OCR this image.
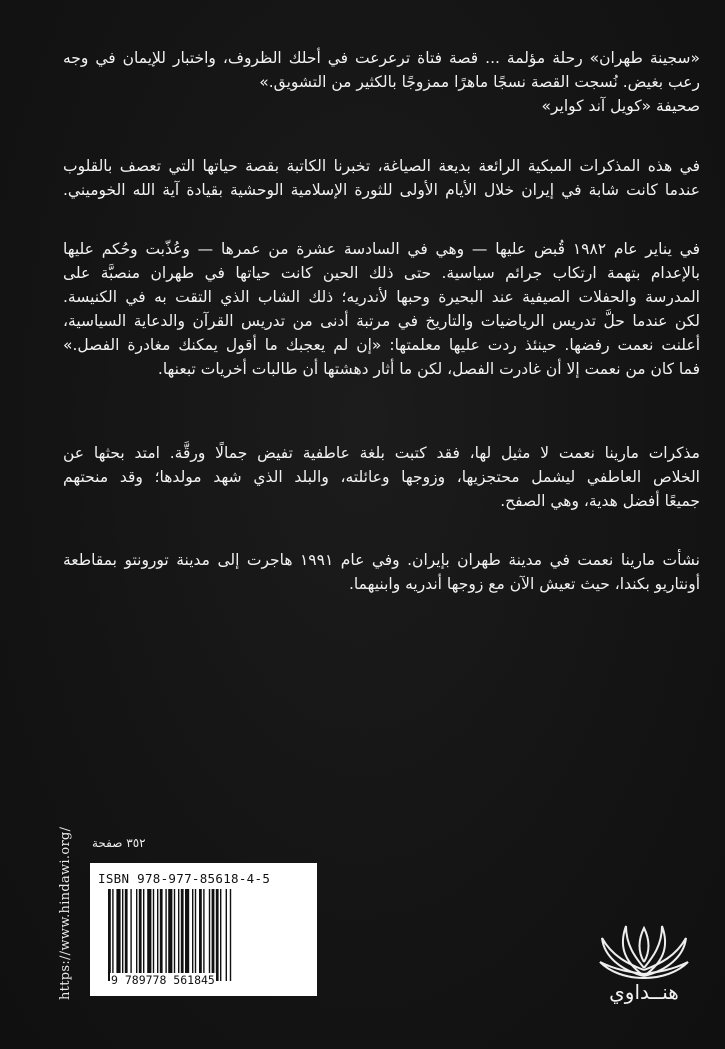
«سجينة طهران» رحلة مؤلمة ... قصة فتاة ترعرعت في أحلك الظروف، واختبار للإيمان في وجه
رعب بغيض. نُسجت القصة نسجًا ماهرًا ممزوجًا بالكثير من التشويق.»
صحيفة «كويل آند كواير»
في هذه المذكرات المبكية الرائعة بديعة الصياغة، تخبرنا الكاتبة بقصة حياتها التي تعصف بالقلوب
عندما كانت شابة في إيران خلال الأيام الأولى للثورة الإسلامية الوحشية بقيادة آية الله الخوميني.
في يناير عام ١٩٨٢ قُبض عليها — وهي في السادسة عشرة من عمرها — وعُذّبت وحُكم عليها
بالإعدام بتهمة ارتكاب جرائم سياسية. حتى ذلك الحين كانت حياتها في طهران منصبَّة على
المدرسة والحفلات الصيفية عند البحيرة وحبها لأندريه؛ ذلك الشاب الذي التقت به في الكنيسة.
لكن عندما حلَّ تدريس الرياضيات والتاريخ في مرتبة أدنى من تدريس القرآن والدعاية السياسية،
أعلنت نعمت رفضها. حينئذ ردت عليها معلمتها: «إن لم يعجبك ما أقول يمكنك مغادرة الفصل.»
فما كان من نعمت إلا أن غادرت الفصل، لكن ما أثار دهشتها أن طالبات أخريات تبعنها.
مذكرات مارينا نعمت لا مثيل لها، فقد كتبت بلغة عاطفية تفيض جمالًا ورقَّة. امتد بحثها عن
الخلاص العاطفي ليشمل محتجزيها، وزوجها وعائلته، والبلد الذي شهد مولدها؛ وقد منحتهم
جميعًا أفضل هدية، وهي الصفح.
نشأت مارينا نعمت في مدينة طهران بإيران. وفي عام ١٩٩١ هاجرت إلى مدينة تورونتو بمقاطعة
أونتاريو بكندا، حيث تعيش الآن مع زوجها أندريه وابنيهما.
https://www.hindawi.org/ ٣٥٢ صفحة
ISBN 978-977-85618-4-5
9 789778 561845	هنــداوي
